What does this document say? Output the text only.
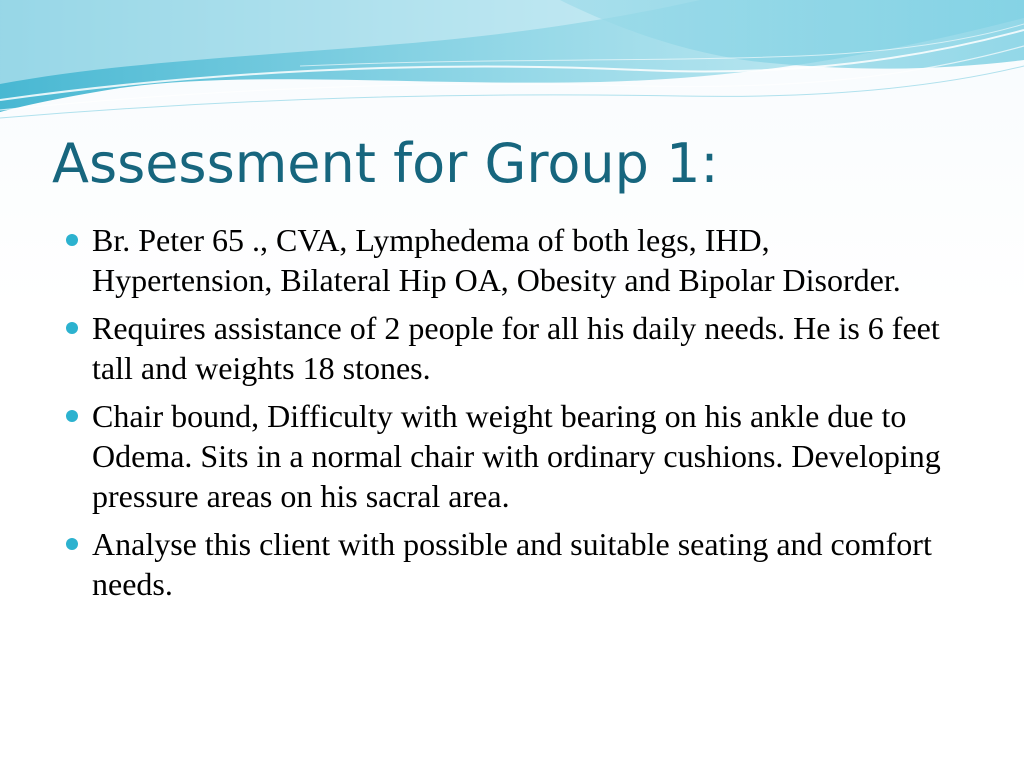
Assessment for Group 1:
Br. Peter 65 ., CVA, Lymphedema of both legs, IHD, Hypertension, Bilateral Hip OA, Obesity and Bipolar Disorder.
Requires assistance of 2 people for all his daily needs. He is 6 feet tall and weights 18 stones.
Chair bound, Difficulty with weight bearing on his ankle due to Odema. Sits in a normal chair with ordinary cushions. Developing pressure areas on his sacral area.
Analyse this client with possible and suitable seating and comfort needs.
